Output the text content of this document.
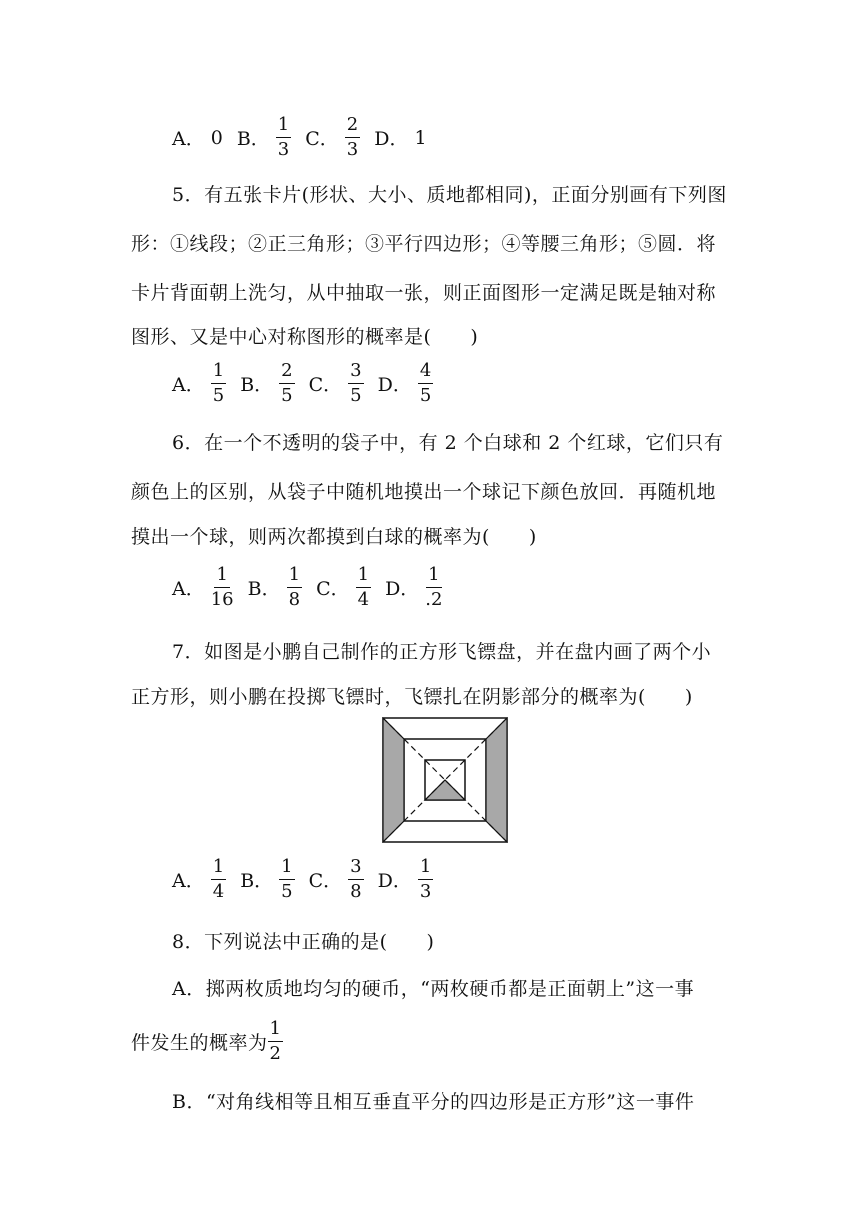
A． 0 B． $\frac{1}{3}$ C． $\frac{2}{3}$ D． 1
5．有五张卡片(形状、大小、质地都相同)，正面分别画有下列图
形：①线段；②正三角形；③平行四边形；④等腰三角形；⑤圆．将
卡片背面朝上洗匀，从中抽取一张，则正面图形一定满足既是轴对称
图形、又是中心对称图形的概率是(　　)
A． $\frac{1}{5}$ B． $\frac{2}{5}$ C． $\frac{3}{5}$ D． $\frac{4}{5}$
6．在一个不透明的袋子中，有 2 个白球和 2 个红球，它们只有
颜色上的区别，从袋子中随机地摸出一个球记下颜色放回．再随机地
摸出一个球，则两次都摸到白球的概率为(　　)
A． $\frac{1}{16}$ B． $\frac{1}{8}$ C． $\frac{1}{4}$ D． $\frac{1}{.2}$
7．如图是小鹏自己制作的正方形飞镖盘，并在盘内画了两个小
正方形，则小鹏在投掷飞镖时，飞镖扎在阴影部分的概率为(　　)
A． $\frac{1}{4}$ B． $\frac{1}{5}$ C． $\frac{3}{8}$ D． $\frac{1}{3}$
8．下列说法中正确的是(　　)
A．掷两枚质地均匀的硬币，“两枚硬币都是正面朝上”这一事
件发生的概率为 $\frac{1}{2}$
B．“对角线相等且相互垂直平分的四边形是正方形”这一事件
